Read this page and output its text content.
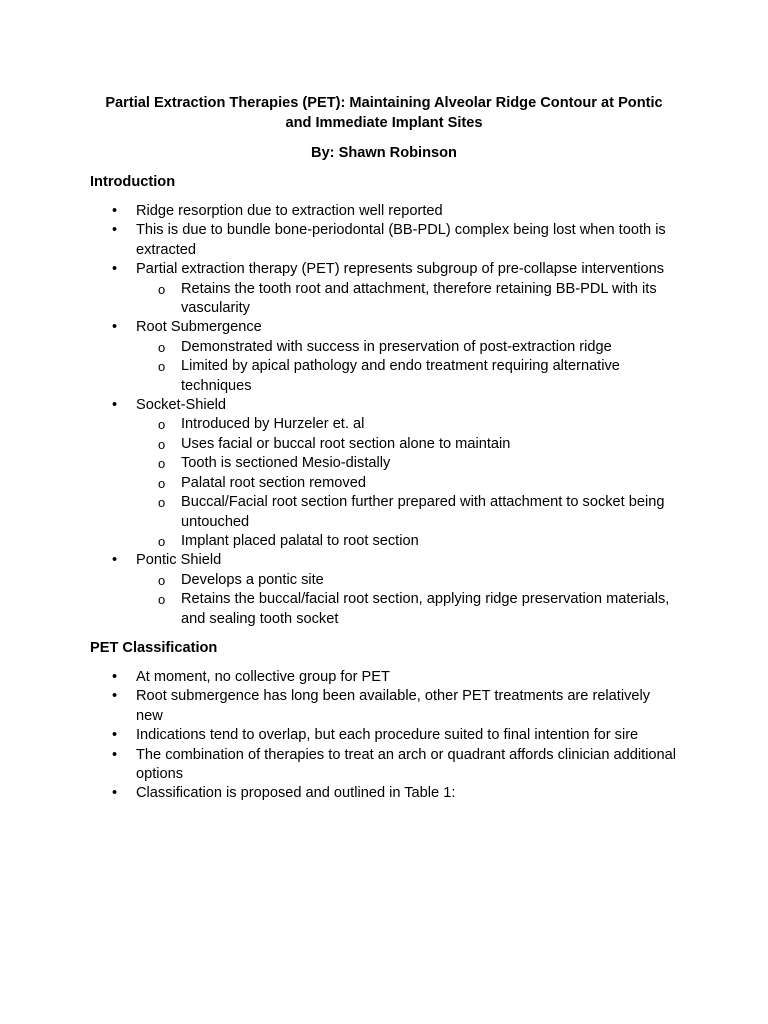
Partial Extraction Therapies (PET): Maintaining Alveolar Ridge Contour at Pontic and Immediate Implant Sites

By: Shawn Robinson

Introduction
• Ridge resorption due to extraction well reported
• This is due to bundle bone-periodontal (BB-PDL) complex being lost when tooth is extracted
• Partial extraction therapy (PET) represents subgroup of pre-collapse interventions
o Retains the tooth root and attachment, therefore retaining BB-PDL with its vascularity
• Root Submergence
o Demonstrated with success in preservation of post-extraction ridge
o Limited by apical pathology and endo treatment requiring alternative techniques
• Socket-Shield
o Introduced by Hurzeler et. al
o Uses facial or buccal root section alone to maintain
o Tooth is sectioned Mesio-distally
o Palatal root section removed
o Buccal/Facial root section further prepared with attachment to socket being untouched
o Implant placed palatal to root section
• Pontic Shield
o Develops a pontic site
o Retains the buccal/facial root section, applying ridge preservation materials, and sealing tooth socket
PET Classification
• At moment, no collective group for PET
• Root submergence has long been available, other PET treatments are relatively new
• Indications tend to overlap, but each procedure suited to final intention for sire
• The combination of therapies to treat an arch or quadrant affords clinician additional options
• Classification is proposed and outlined in Table 1:
